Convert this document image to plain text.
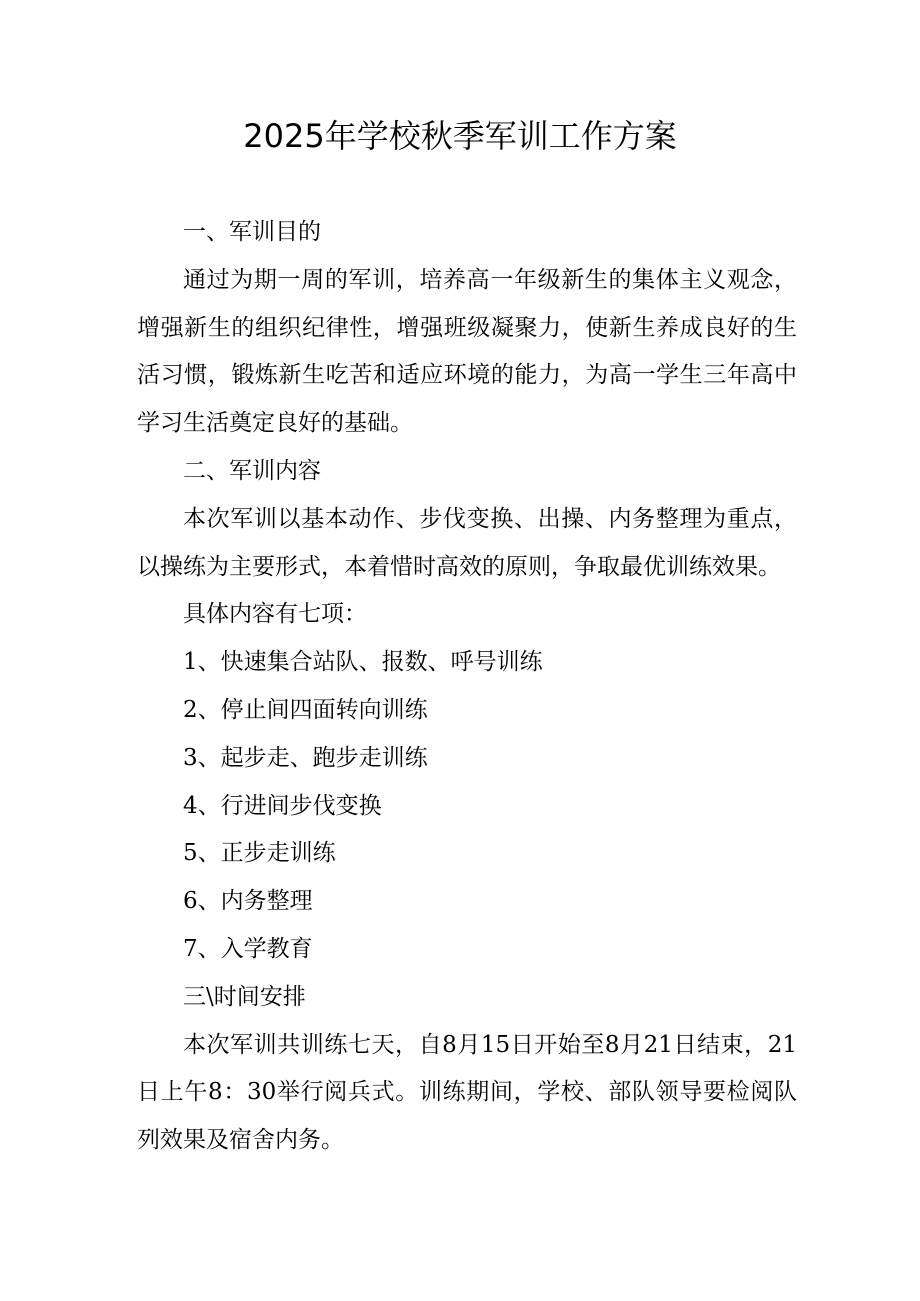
2025年学校秋季军训工作方案

一、军训目的

通过为期一周的军训，培养高一年级新生的集体主义观念，增强新生的组织纪律性，增强班级凝聚力，使新生养成良好的生活习惯，锻炼新生吃苦和适应环境的能力，为高一学生三年高中学习生活奠定良好的基础。

二、军训内容

本次军训以基本动作、步伐变换、出操、内务整理为重点，以操练为主要形式，本着惜时高效的原则，争取最优训练效果。

具体内容有七项：

1、快速集合站队、报数、呼号训练

2、停止间四面转向训练

3、起步走、跑步走训练

4、行进间步伐变换

5、正步走训练

6、内务整理

7、入学教育

三\时间安排

本次军训共训练七天，自8月15日开始至8月21日结束，21日上午8：30举行阅兵式。训练期间，学校、部队领导要检阅队列效果及宿舍内务。
